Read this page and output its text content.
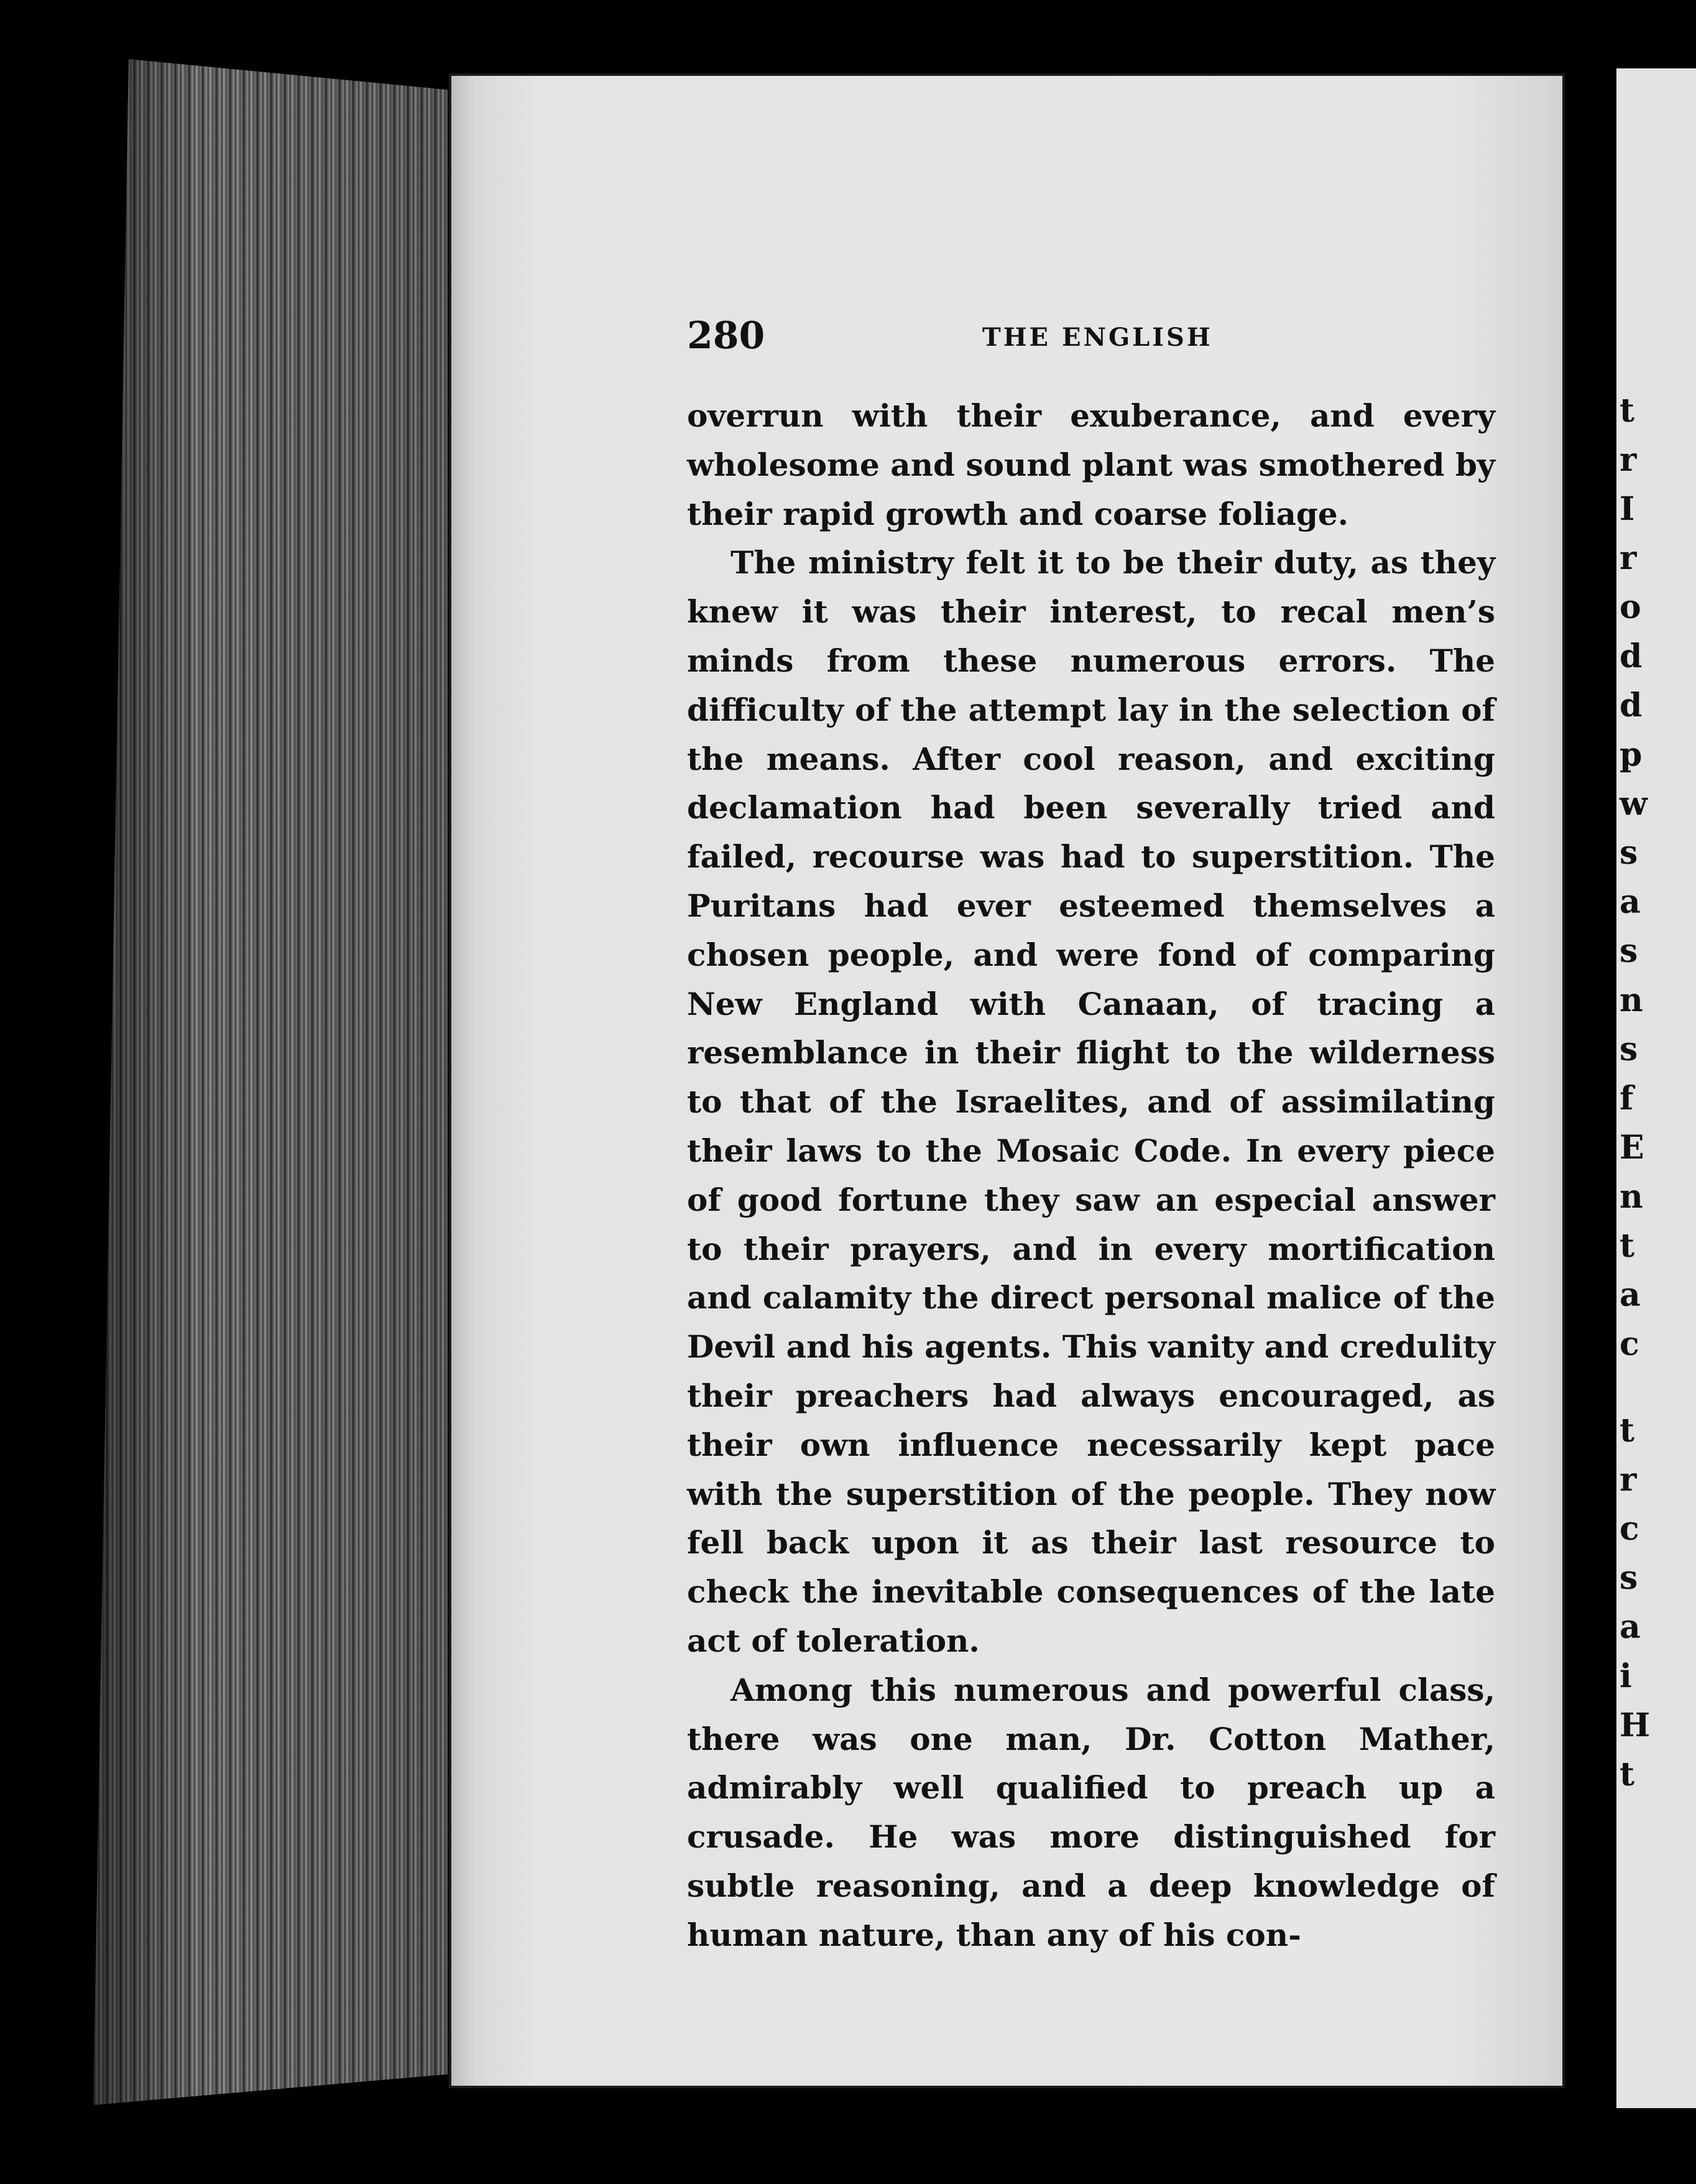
t
r
I
r
o
d
d
p
w
s
a
s
n
s
f
E
n
t
a
c
t
r
c
s
a
i
H
t
280	THE ENGLISH

overrun with their exuberance, and every wholesome and sound plant was smothered by their rapid growth and coarse foliage.

The ministry felt it to be their duty, as they knew it was their interest, to recal men’s minds from these numerous errors. The difficulty of the attempt lay in the selection of the means. After cool reason, and exciting declamation had been severally tried and failed, recourse was had to superstition. The Puritans had ever esteemed themselves a chosen people, and were fond of comparing New England with Canaan, of tracing a resemblance in their flight to the wilderness to that of the Israelites, and of assimilating their laws to the Mosaic Code. In every piece of good fortune they saw an especial answer to their prayers, and in every mortification and calamity the direct personal malice of the Devil and his agents. This vanity and credulity their preachers had always encouraged, as their own influence necessarily kept pace with the superstition of the people. They now fell back upon it as their last resource to check the inevitable consequences of the late act of toleration.

Among this numerous and powerful class, there was one man, Dr. Cotton Mather, admirably well qualified to preach up a crusade. He was more distinguished for subtle reasoning, and a deep knowledge of human nature, than any of his con-
